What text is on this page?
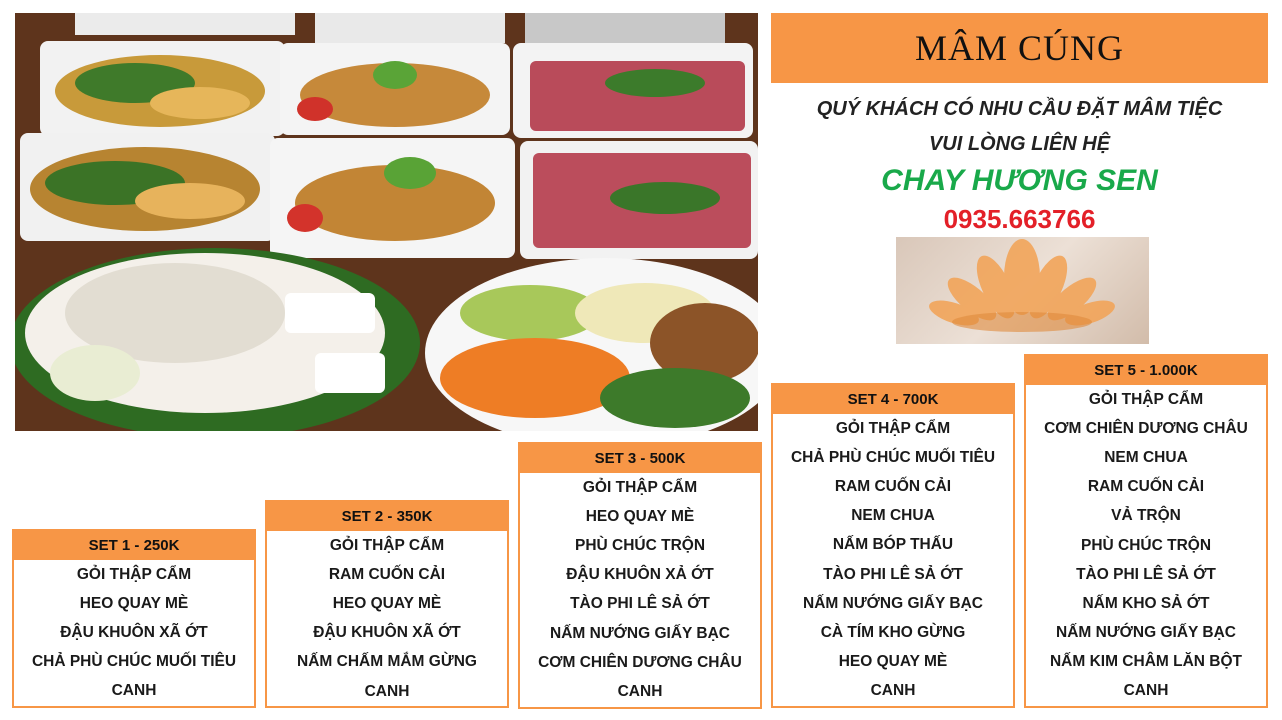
MÂM CÚNG
QUÝ KHÁCH CÓ NHU CẦU ĐẶT MÂM TIỆC
VUI LÒNG LIÊN HỆ
CHAY HƯƠNG SEN
0935.663766
SET 1 - 250K
GỎI THẬP CẨM
HEO QUAY MÈ
ĐẬU KHUÔN XÃ ỚT
CHẢ PHÙ CHÚC MUỐI TIÊU
CANH
SET 2 - 350K
GỎI THẬP CẨM
RAM CUỐN CẢI
HEO QUAY MÈ
ĐẬU KHUÔN XÃ ỚT
NẤM CHẤM MẮM GỪNG
CANH
SET 3 - 500K
GỎI THẬP CẨM
HEO QUAY MÈ
PHÙ CHÚC TRỘN
ĐẬU KHUÔN XẢ ỚT
TÀO PHI LÊ SẢ ỚT
NẤM NƯỚNG GIẤY BẠC
CƠM CHIÊN DƯƠNG CHÂU
CANH
SET 4 - 700K
GỎI THẬP CẨM
CHẢ PHÙ CHÚC MUỐI TIÊU
RAM CUỐN CẢI
NEM CHUA
NẤM BÓP THẤU
TÀO PHI LÊ SẢ ỚT
NẤM NƯỚNG GIẤY BẠC
CÀ TÍM KHO GỪNG
HEO QUAY MÈ
CANH
SET 5 - 1.000K
GỎI THẬP CẨM
CƠM CHIÊN DƯƠNG CHÂU
NEM CHUA
RAM CUỐN CẢI
VẢ TRỘN
PHÙ CHÚC TRỘN
TÀO PHI LÊ SẢ ỚT
NẤM KHO SẢ ỚT
NẤM NƯỚNG GIẤY BẠC
NẤM KIM CHÂM LĂN BỘT
CANH
